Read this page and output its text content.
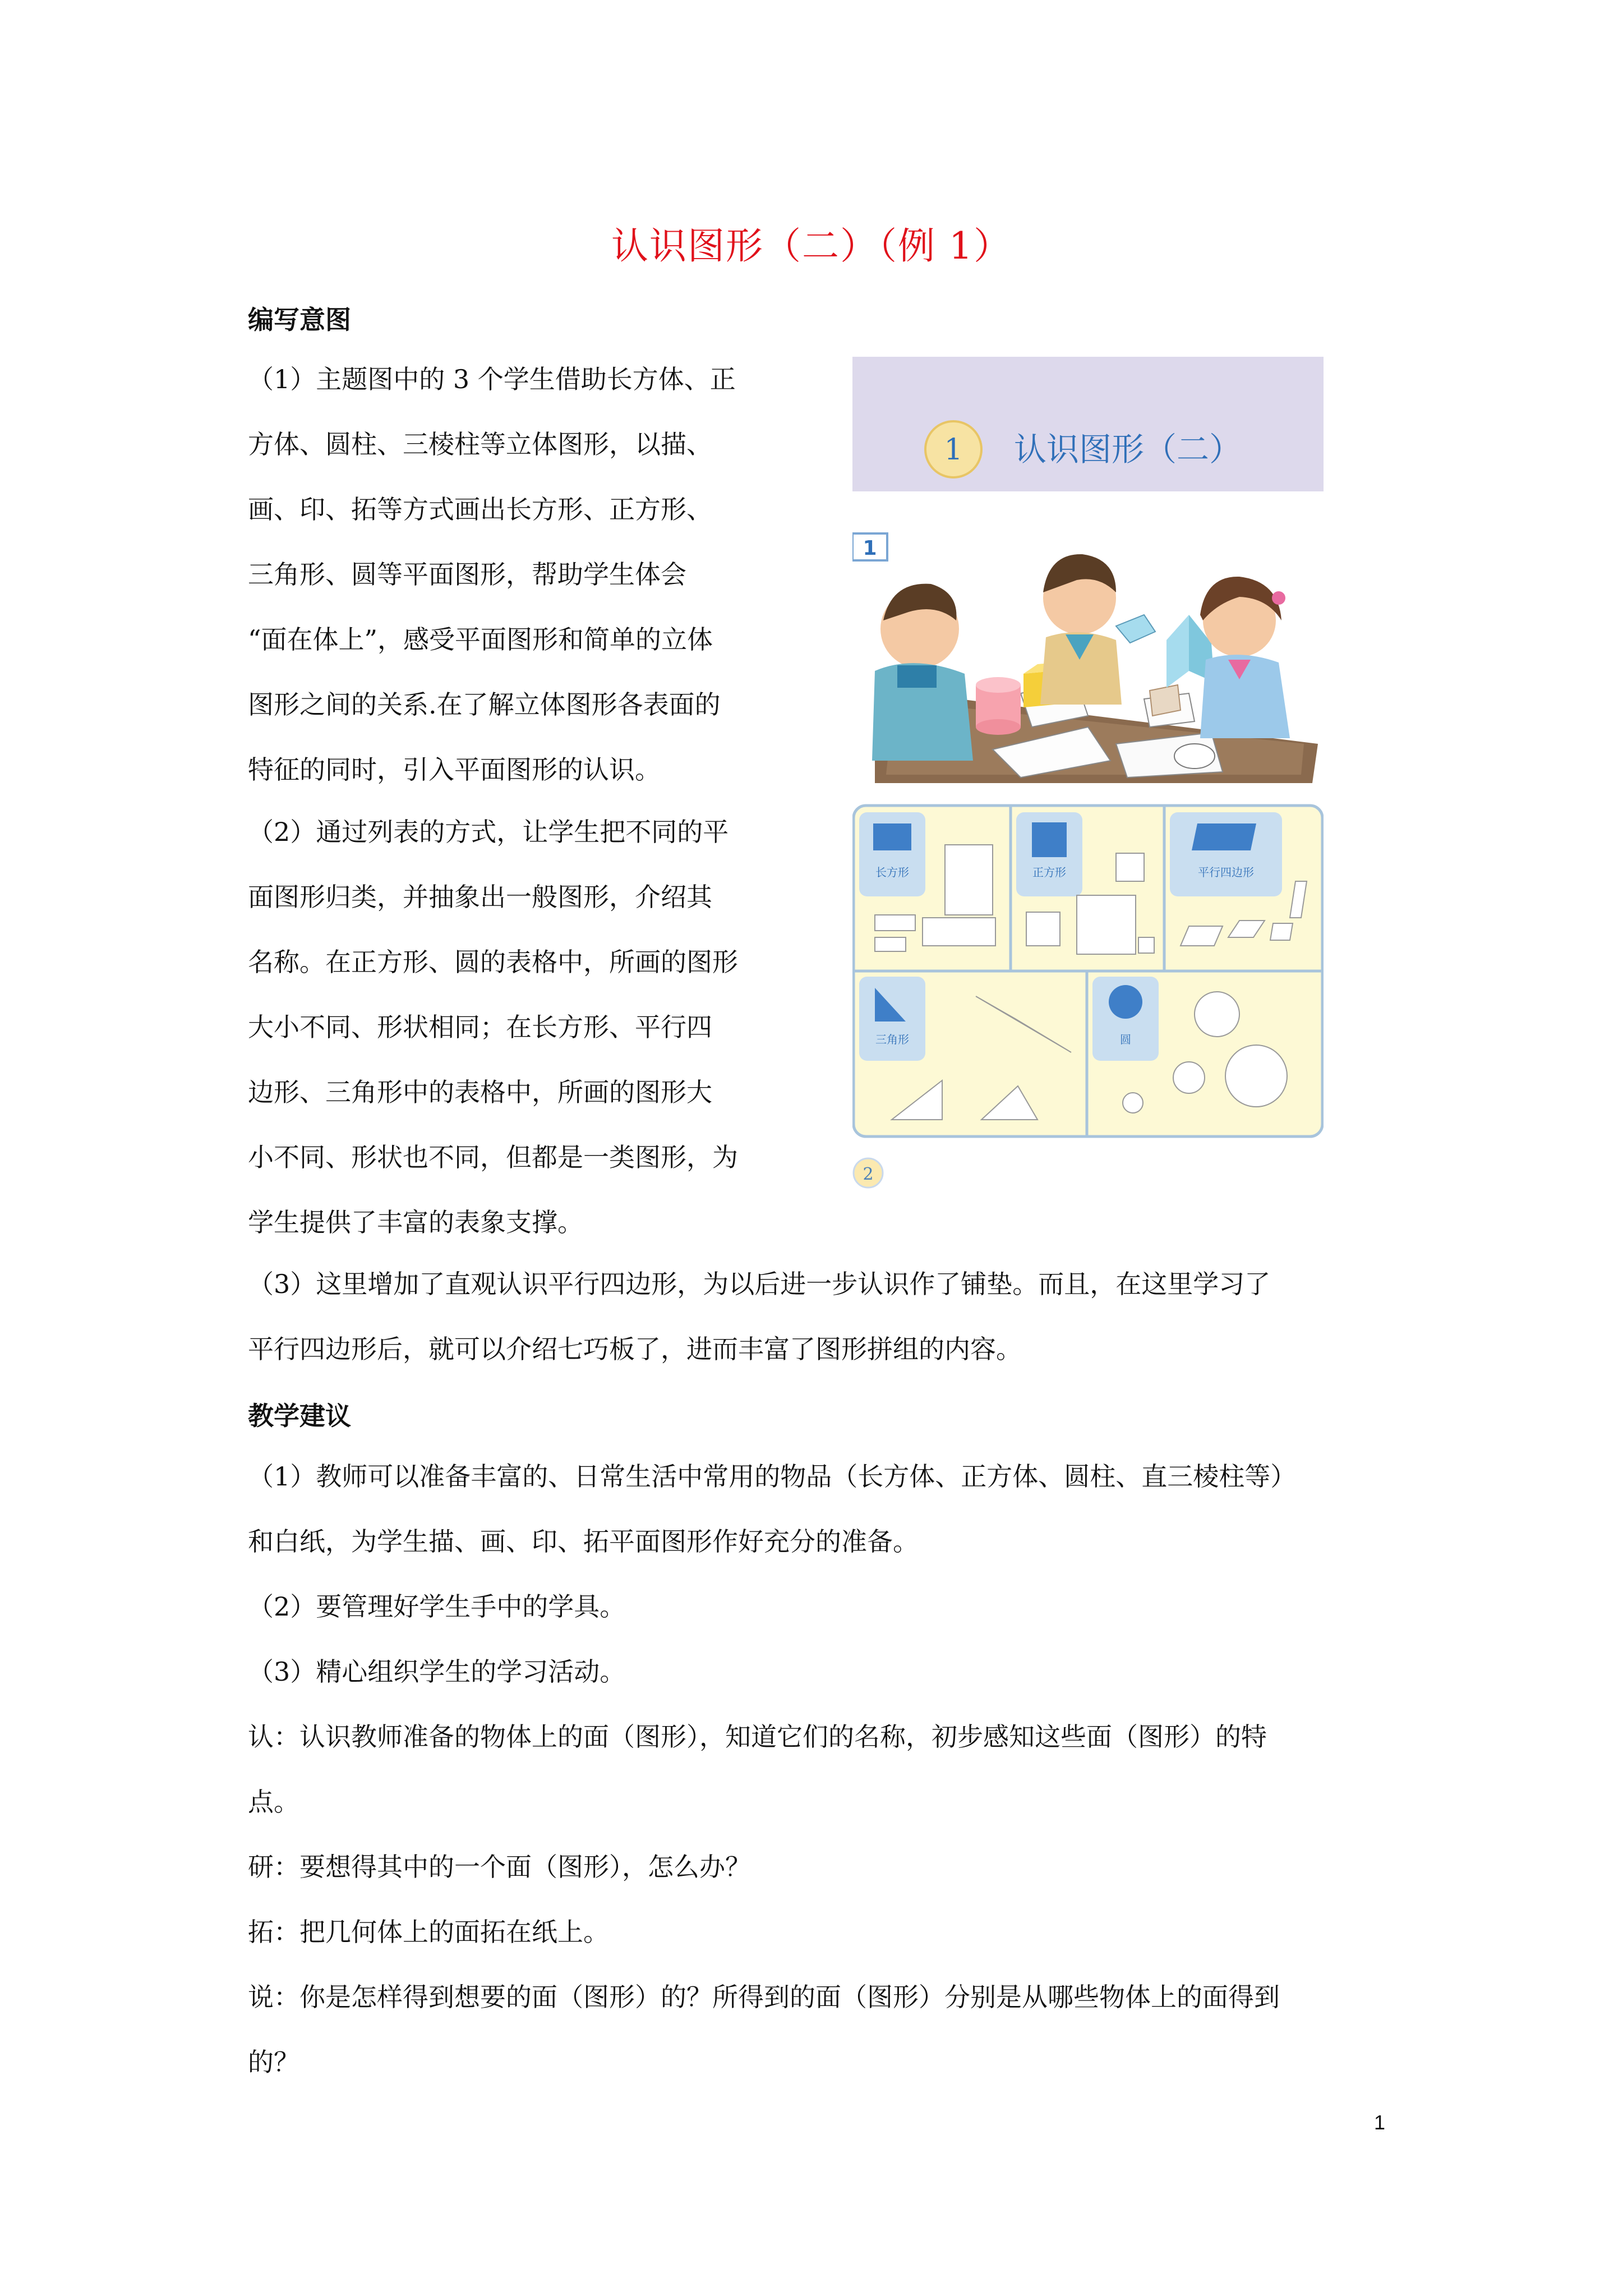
认识图形（二）（例 1）
编写意图
（1）主题图中的 3 个学生借助长方体、正
方体、圆柱、三棱柱等立体图形，以描、
画、印、拓等方式画出长方形、正方形、
三角形、圆等平面图形，帮助学生体会
“面在体上”，感受平面图形和简单的立体
图形之间的关系.在了解立体图形各表面的
特征的同时，引入平面图形的认识。
（2）通过列表的方式，让学生把不同的平
面图形归类，并抽象出一般图形，介绍其
名称。在正方形、圆的表格中，所画的图形
大小不同、形状相同；在长方形、平行四
边形、三角形中的表格中，所画的图形大
小不同、形状也不同，但都是一类图形，为
学生提供了丰富的表象支撑。
（3）这里增加了直观认识平行四边形，为以后进一步认识作了铺垫。而且，在这里学习了
平行四边形后，就可以介绍七巧板了，进而丰富了图形拼组的内容。
教学建议
（1）教师可以准备丰富的、日常生活中常用的物品（长方体、正方体、圆柱、直三棱柱等）
和白纸，为学生描、画、印、拓平面图形作好充分的准备。
（2）要管理好学生手中的学具。
（3）精心组织学生的学习活动。
认：认识教师准备的物体上的面（图形），知道它们的名称，初步感知这些面（图形）的特
点。
研：要想得其中的一个面（图形），怎么办？
拓：把几何体上的面拓在纸上。
说：你是怎样得到想要的面（图形）的？所得到的面（图形）分别是从哪些物体上的面得到
的？
1 认识图形（二）
1
长方形	正方形	平行四边形
三角形	圆
2
1
